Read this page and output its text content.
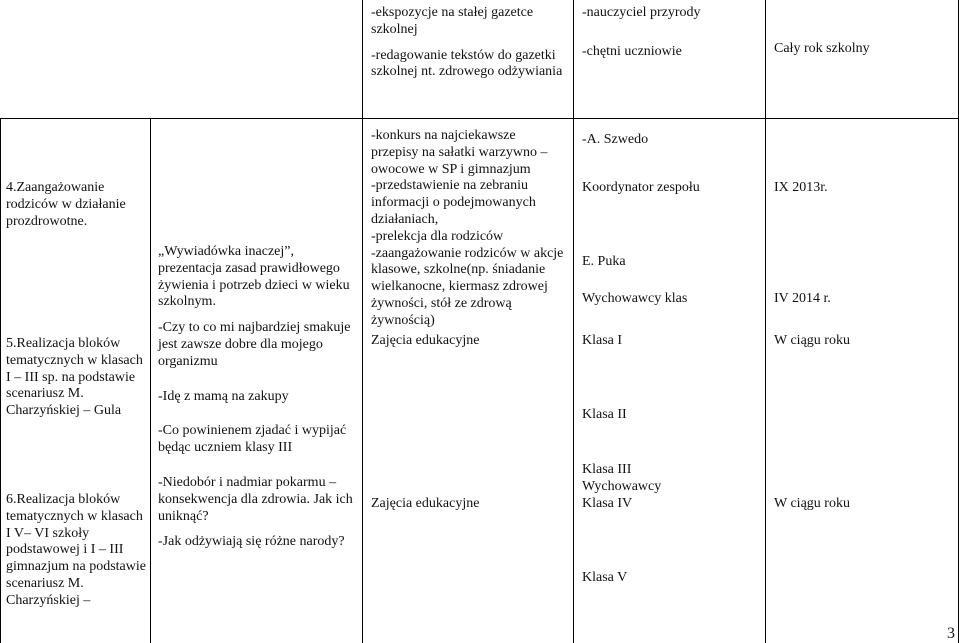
-ekspozycje na stałej gazetce szkolnej

-redagowanie tekstów do gazetki szkolnej nt. zdrowego odżywiania

-nauczyciel przyrody

-chętni uczniowie	Cały rok szkolny

4.Zaangażowanie rodziców w działanie prozdrowotne.

5.Realizacja bloków tematycznych w klasach I – III sp. na podstawie scenariusz M. Charzyńskiej – Gula

6.Realizacja bloków tematycznych w klasach I V– VI szkoły podstawowej i I – III gimnazjum na podstawie scenariusz M. Charzyńskiej –

„Wywiadówka inaczej”, prezentacja zasad prawidłowego żywienia i potrzeb dzieci w wieku szkolnym.

-Czy to co mi najbardziej smakuje jest zawsze dobre dla mojego organizmu

-Idę z mamą na zakupy

-Co powinienem zjadać i wypijać będąc uczniem klasy III

-Niedobór i nadmiar pokarmu – konsekwencja dla zdrowia. Jak ich uniknąć?

-Jak odżywiają się różne narody?

-konkurs na najciekawsze przepisy na sałatki warzywno – owocowe w SP i gimnazjum

-przedstawienie na zebraniu informacji o podejmowanych działaniach,

-prelekcja dla rodziców

-zaangażowanie rodziców w akcje klasowe, szkolne(np. śniadanie wielkanocne, kiermasz zdrowej żywności, stół ze zdrową żywnością)

Zajęcia edukacyjne

Zajęcia edukacyjne

-A. Szwedo

Koordynator zespołu

E. Puka

Wychowawcy klas

Klasa I

Klasa II

Klasa III

Wychowawcy

Klasa IV

Klasa V

IX 2013r.

IV 2014 r.

W ciągu roku

W ciągu roku

3
